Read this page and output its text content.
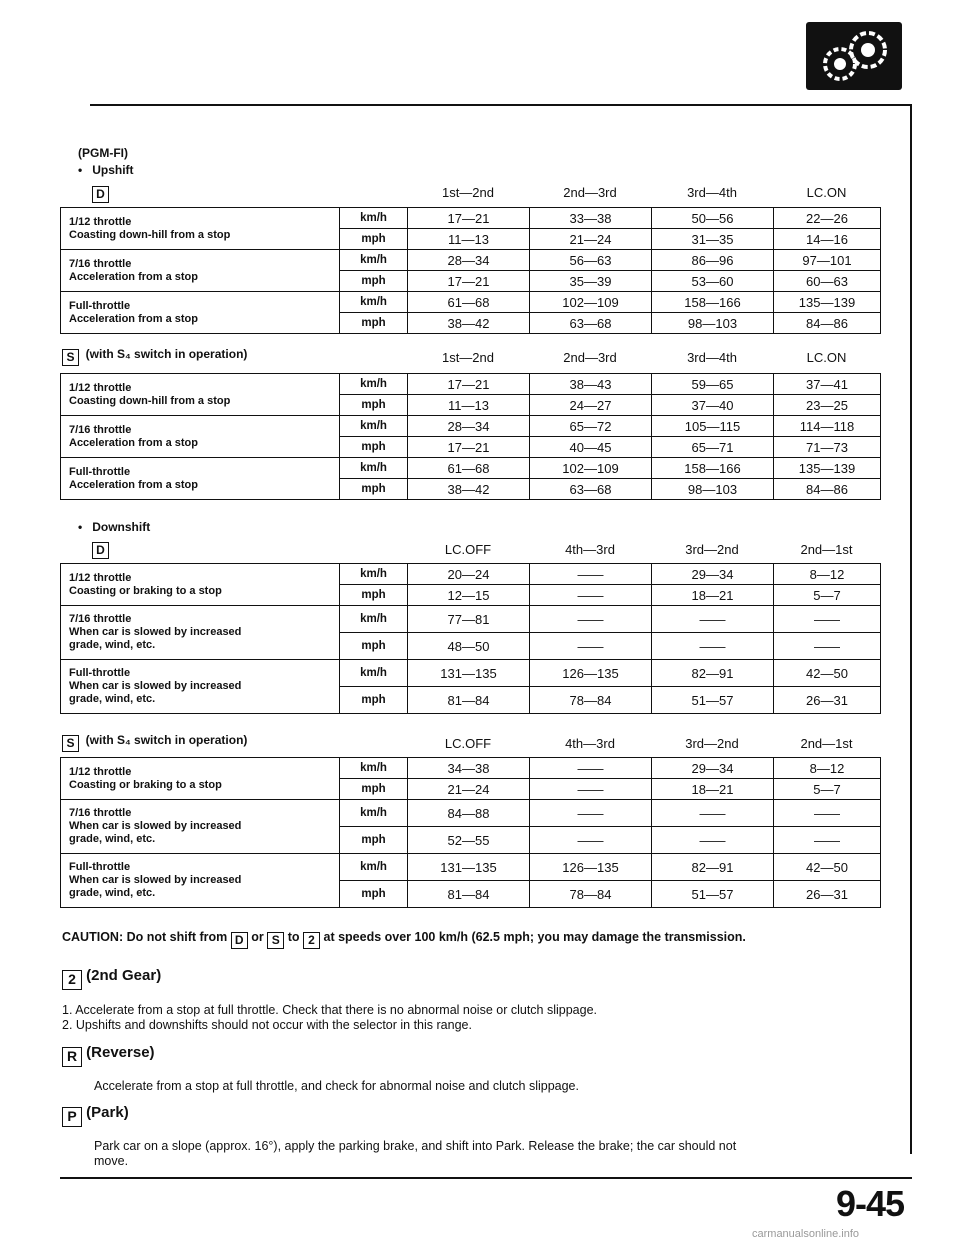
(PGM-FI)
•   Upshift
D	1st—2nd	2nd—3rd	3rd—4th	LC.ON
1/12 throttle
Coasting down-hill from a stop	km/h	17—21	33—38	50—56	22—26
	mph	11—13	21—24	31—35	14—16

7/16 throttle
Acceleration from a stop	km/h	28—34	56—63	86—96	97—101
	mph	17—21	35—39	53—60	60—63

Full-throttle
Acceleration from a stop	km/h	61—68	102—109	158—166	135—139
	mph	38—42	63—68	98—103	84—86
S (with S₄ switch in operation)	1st—2nd	2nd—3rd	3rd—4th	LC.ON
1/12 throttle
Coasting down-hill from a stop	km/h	17—21	38—43	59—65	37—41
	mph	11—13	24—27	37—40	23—25

7/16 throttle
Acceleration from a stop	km/h	28—34	65—72	105—115	114—118
	mph	17—21	40—45	65—71	71—73

Full-throttle
Acceleration from a stop	km/h	61—68	102—109	158—166	135—139
	mph	38—42	63—68	98—103	84—86
•   Downshift
D	LC.OFF	4th—3rd	3rd—2nd	2nd—1st
1/12 throttle
Coasting or braking to a stop	km/h	20—24	——	29—34	8—12
	mph	12—15	——	18—21	5—7

7/16 throttle
When car is slowed by increased
grade, wind, etc.	km/h	77—81	——	——	——
	mph	48—50	——	——	——

Full-throttle
When car is slowed by increased
grade, wind, etc.	km/h	131—135	126—135	82—91	42—50
	mph	81—84	78—84	51—57	26—31
S (with S₄ switch in operation)	LC.OFF	4th—3rd	3rd—2nd	2nd—1st
1/12 throttle
Coasting or braking to a stop	km/h	34—38	——	29—34	8—12
	mph	21—24	——	18—21	5—7

7/16 throttle
When car is slowed by increased
grade, wind, etc.	km/h	84—88	——	——	——
	mph	52—55	——	——	——

Full-throttle
When car is slowed by increased
grade, wind, etc.	km/h	131—135	126—135	82—91	42—50
	mph	81—84	78—84	51—57	26—31
CAUTION: Do not shift from D or S to 2 at speeds over 100 km/h (62.5 mph; you may damage the transmission.
2 (2nd Gear)
1. Accelerate from a stop at full throttle. Check that there is no abnormal noise or clutch slippage.
2. Upshifts and downshifts should not occur with the selector in this range.
R (Reverse)
Accelerate from a stop at full throttle, and check for abnormal noise and clutch slippage.
P (Park)
Park car on a slope (approx. 16°), apply the parking brake, and shift into Park. Release the brake; the car should not
move.
9-45
carmanualsonline.info
